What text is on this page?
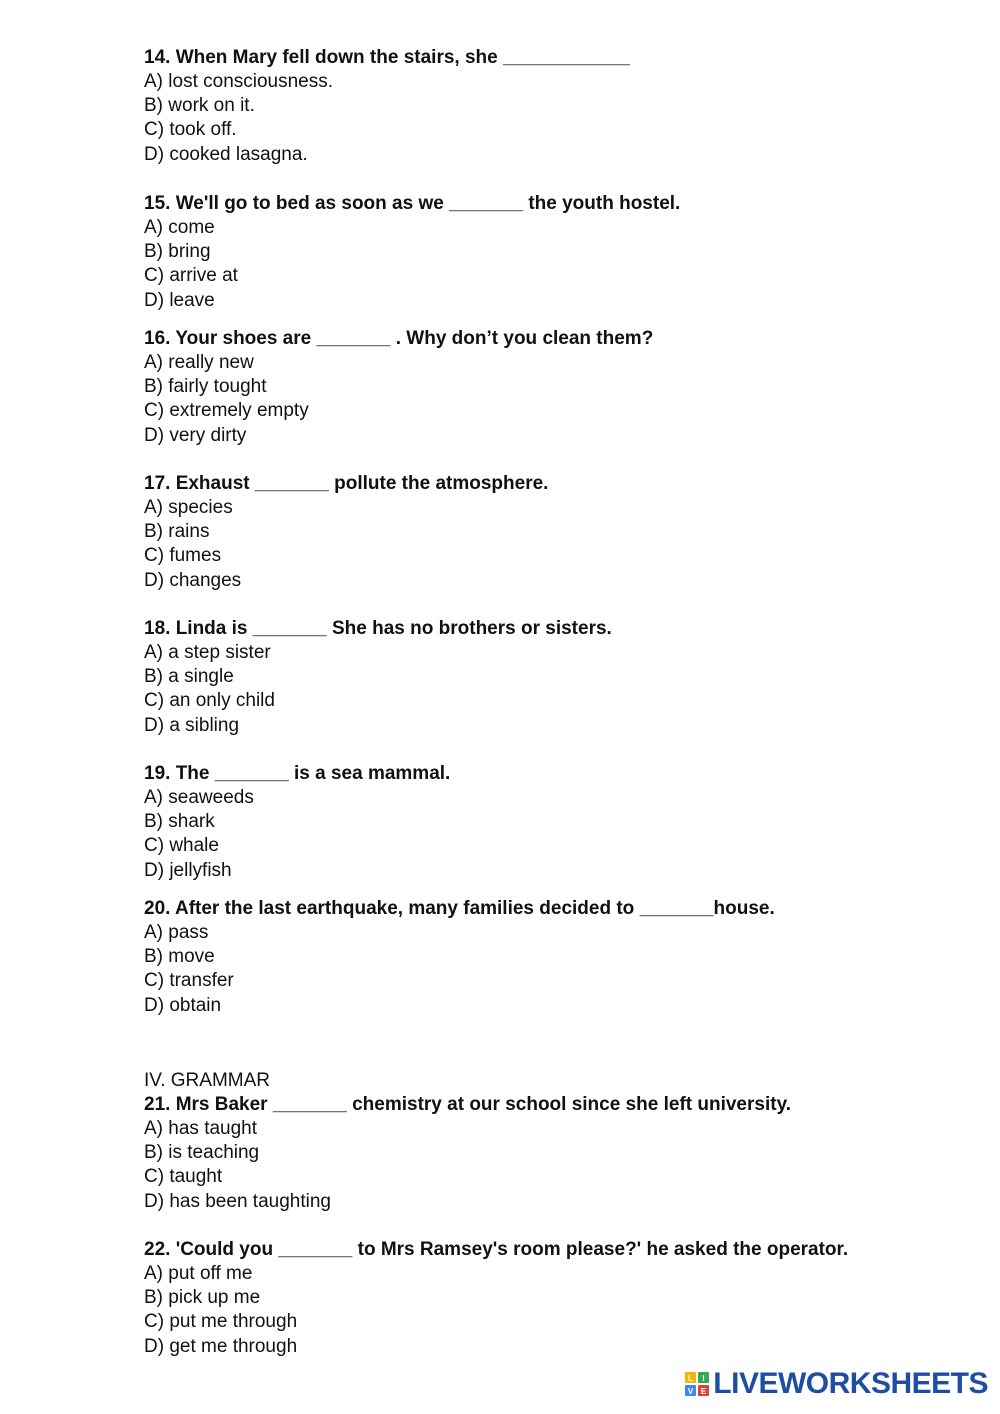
14. When Mary fell down the stairs, she ____________

A) lost consciousness.

B) work on it.

C) took off.

D) cooked lasagna.

15. We'll go to bed as soon as we _______ the youth hostel.

A) come

B) bring

C) arrive at

D) leave

16. Your shoes are _______ . Why don’t you clean them?

A) really new

B) fairly tought

C) extremely empty

D) very dirty

17. Exhaust _______ pollute the atmosphere.

A) species

B) rains

C) fumes

D) changes

18. Linda is _______ She has no brothers or sisters.

A) a step sister

B) a single

C) an only child

D) a sibling

19. The _______ is a sea mammal.

A) seaweeds

B) shark

C) whale

D) jellyfish

20. After the last earthquake, many families decided to _______house.

A) pass

B) move

C) transfer

D) obtain

IV. GRAMMAR

21. Mrs Baker _______ chemistry at our school since she left university.

A) has taught

B) is teaching

C) taught

D) has been taughting

22. 'Could you _______ to Mrs Ramsey's room please?' he asked the operator.

A) put off me

B) pick up me

C) put me through

D) get me through

L I
V E LIVEWORKSHEETS
